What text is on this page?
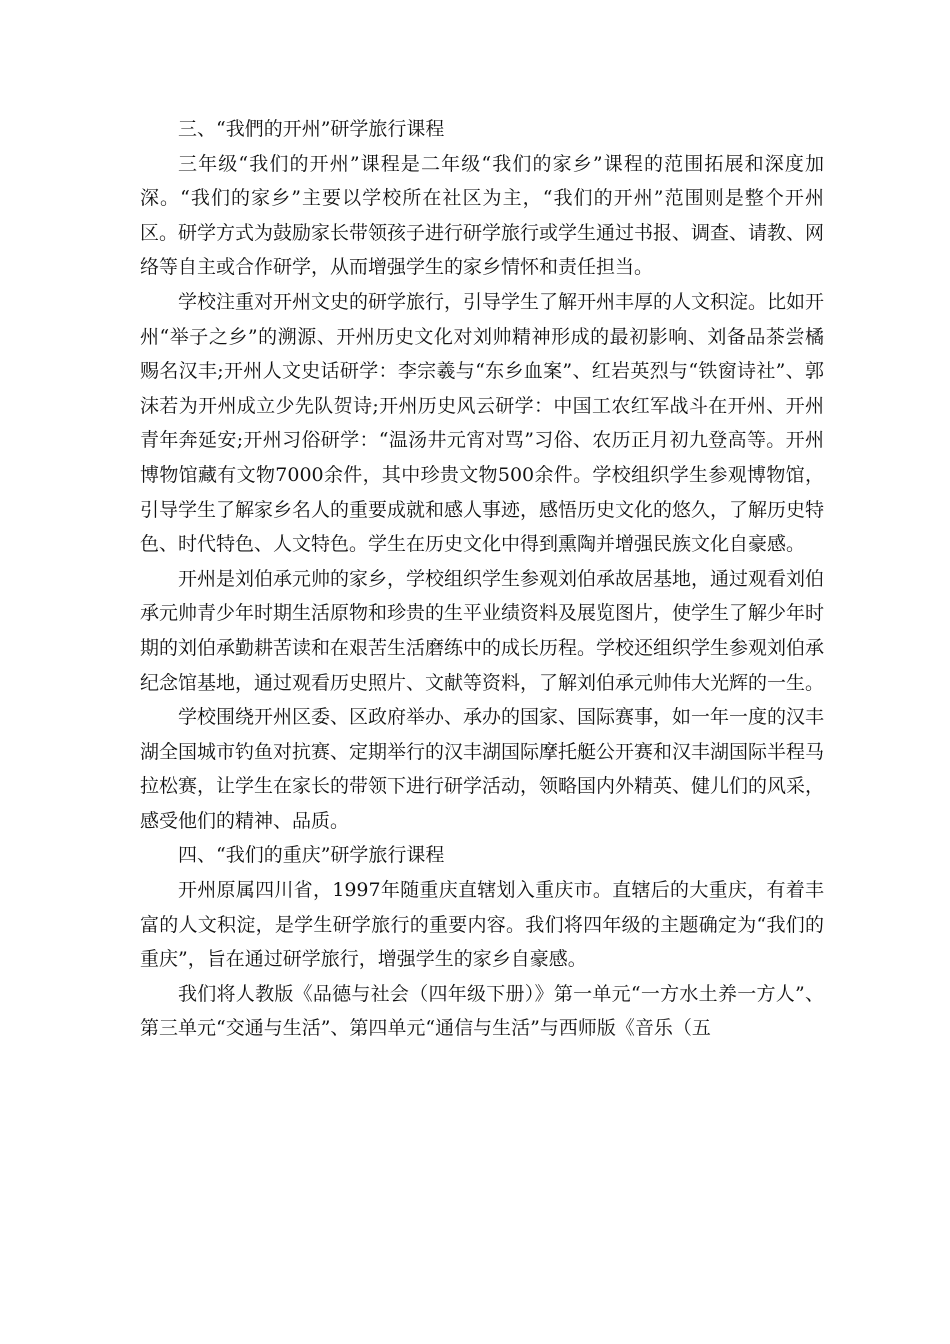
三、“我們的开州”研学旅行课程

三年级“我们的开州”课程是二年级“我们的家乡”课程的范围拓展和深度加深。“我们的家乡”主要以学校所在社区为主，“我们的开州”范围则是整个开州区。研学方式为鼓励家长带领孩子进行研学旅行或学生通过书报、调查、请教、网络等自主或合作研学，从而增强学生的家乡情怀和责任担当。

学校注重对开州文史的研学旅行，引导学生了解开州丰厚的人文积淀。比如开州“举子之乡”的溯源、开州历史文化对刘帅精神形成的最初影响、刘备品茶尝橘赐名汉丰;开州人文史话研学：李宗羲与“东乡血案”、红岩英烈与“铁窗诗社”、郭沫若为开州成立少先队贺诗;开州历史风云研学：中国工农红军战斗在开州、开州青年奔延安;开州习俗研学：“温汤井元宵对骂”习俗、农历正月初九登高等。开州博物馆藏有文物7000余件，其中珍贵文物500余件。学校组织学生参观博物馆，引导学生了解家乡名人的重要成就和感人事迹，感悟历史文化的悠久，了解历史特色、时代特色、人文特色。学生在历史文化中得到熏陶并增强民族文化自豪感。

开州是刘伯承元帅的家乡，学校组织学生参观刘伯承故居基地，通过观看刘伯承元帅青少年时期生活原物和珍贵的生平业绩资料及展览图片，使学生了解少年时期的刘伯承勤耕苦读和在艰苦生活磨练中的成长历程。学校还组织学生参观刘伯承纪念馆基地，通过观看历史照片、文献等资料，了解刘伯承元帅伟大光辉的一生。

学校围绕开州区委、区政府举办、承办的国家、国际赛事，如一年一度的汉丰湖全国城市钓鱼对抗赛、定期举行的汉丰湖国际摩托艇公开赛和汉丰湖国际半程马拉松赛，让学生在家长的带领下进行研学活动，领略国内外精英、健儿们的风采，感受他们的精神、品质。

四、“我们的重庆”研学旅行课程

开州原属四川省，1997年随重庆直辖划入重庆市。直辖后的大重庆，有着丰富的人文积淀，是学生研学旅行的重要内容。我们将四年级的主题确定为“我们的重庆”，旨在通过研学旅行，增强学生的家乡自豪感。

我们将人教版《品德与社会（四年级下册）》第一单元“一方水土养一方人”、第三单元“交通与生活”、第四单元“通信与生活”与西师版《音乐（五
